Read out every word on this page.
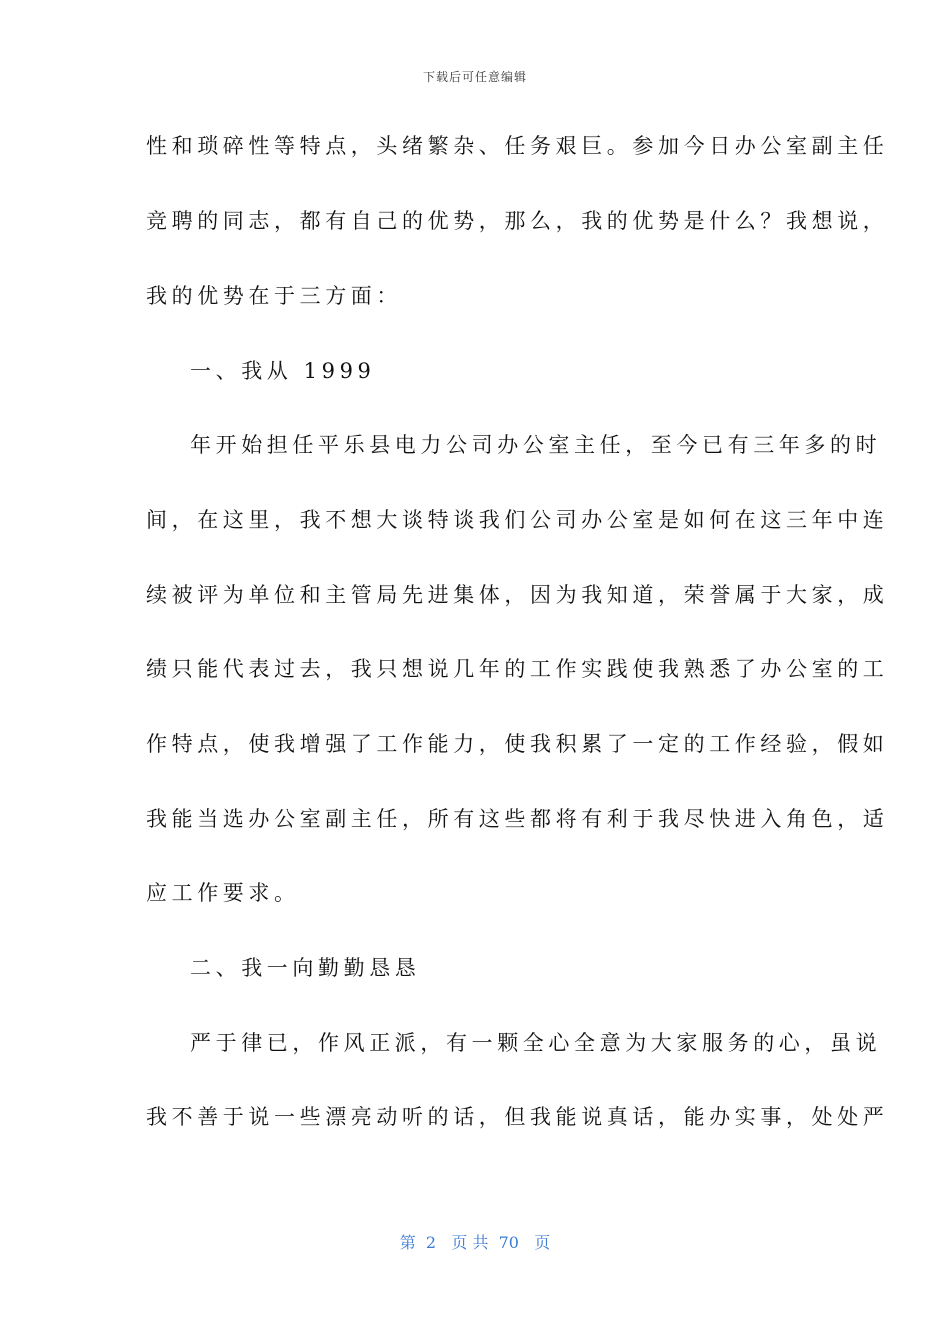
下载后可任意编辑
性和琐碎性等特点，头绪繁杂、任务艰巨。参加今日办公室副主任
竞聘的同志，都有自己的优势，那么，我的优势是什么？我想说，
我的优势在于三方面：
一、我从 1999
年开始担任平乐县电力公司办公室主任，至今已有三年多的时
间，在这里，我不想大谈特谈我们公司办公室是如何在这三年中连
续被评为单位和主管局先进集体，因为我知道，荣誉属于大家，成
绩只能代表过去，我只想说几年的工作实践使我熟悉了办公室的工
作特点，使我增强了工作能力，使我积累了一定的工作经验，假如
我能当选办公室副主任，所有这些都将有利于我尽快进入角色，适
应工作要求。
二、我一向勤勤恳恳
严于律已，作风正派，有一颗全心全意为大家服务的心，虽说
我不善于说一些漂亮动听的话，但我能说真话，能办实事，处处严
第  2   页 共  70   页
